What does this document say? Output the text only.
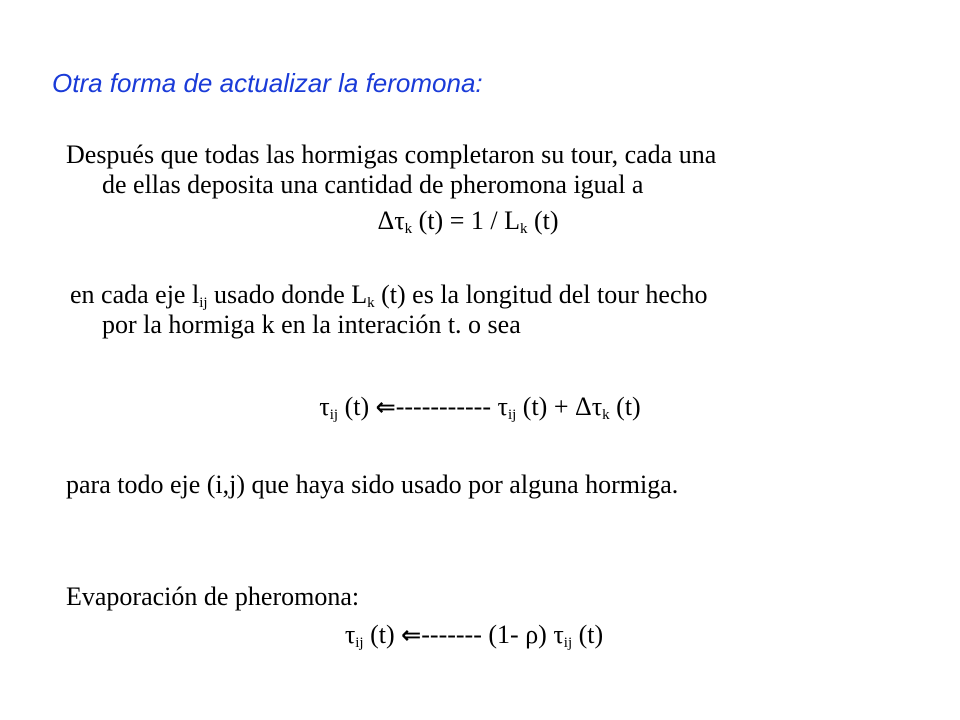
Otra forma de actualizar la feromona:
Después que todas las hormigas completaron su tour, cada una
de ellas deposita una cantidad de pheromona igual a
$\Delta\tau_k$ $(t) = 1 / L_k$ (t)
en cada eje $l_{ij}$ usado donde $L_k$ (t) es la longitud del tour hecho
por la hormiga k en la interación t. o sea
$\tau_{ij}$ (t) ⇐----------- $\tau_{ij}$ $(t) + \Delta\tau_k$ (t)
para todo eje (i,j) que haya sido usado por alguna hormiga.
Evaporación de pheromona:
$\tau_{ij}$ (t) ⇐------- (1- ρ) $\tau_{ij}$ (t)
